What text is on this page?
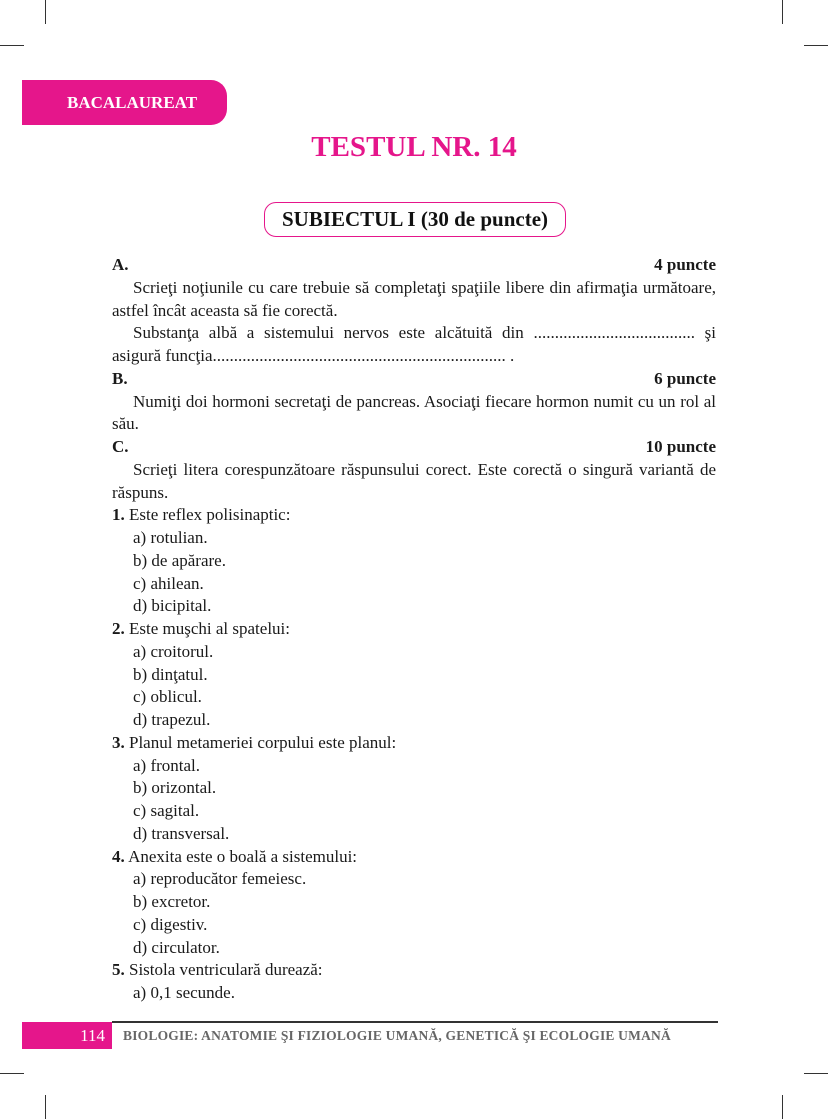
BACALAUREAT
TESTUL NR. 14
SUBIECTUL I (30 de puncte)
A.	4 puncte
Scrieţi noţiunile cu care trebuie să completaţi spaţiile libere din afirmaţia următoare, astfel încât aceasta să fie corectă.
Substanţa albă a sistemului nervos este alcătuită din ...................................... şi asigură funcţia..................................................................... .
B.	6 puncte
Numiţi doi hormoni secretaţi de pancreas. Asociaţi fiecare hormon numit cu un rol al său.
C.	10 puncte
Scrieţi litera corespunzătoare răspunsului corect. Este corectă o singură variantă de răspuns.
1. Este reflex polisinaptic:
a) rotulian.
b) de apărare.
c) ahilean.
d) bicipital.
2. Este muşchi al spatelui:
a) croitorul.
b) dinţatul.
c) oblicul.
d) trapezul.
3. Planul metameriei corpului este planul:
a) frontal.
b) orizontal.
c) sagital.
d) transversal.
4. Anexita este o boală a sistemului:
a) reproducător femeiesc.
b) excretor.
c) digestiv.
d) circulator.
5. Sistola ventriculară durează:
a) 0,1 secunde.
114	BIOLOGIE: ANATOMIE ŞI FIZIOLOGIE UMANĂ, GENETICĂ ŞI ECOLOGIE UMANĂ
